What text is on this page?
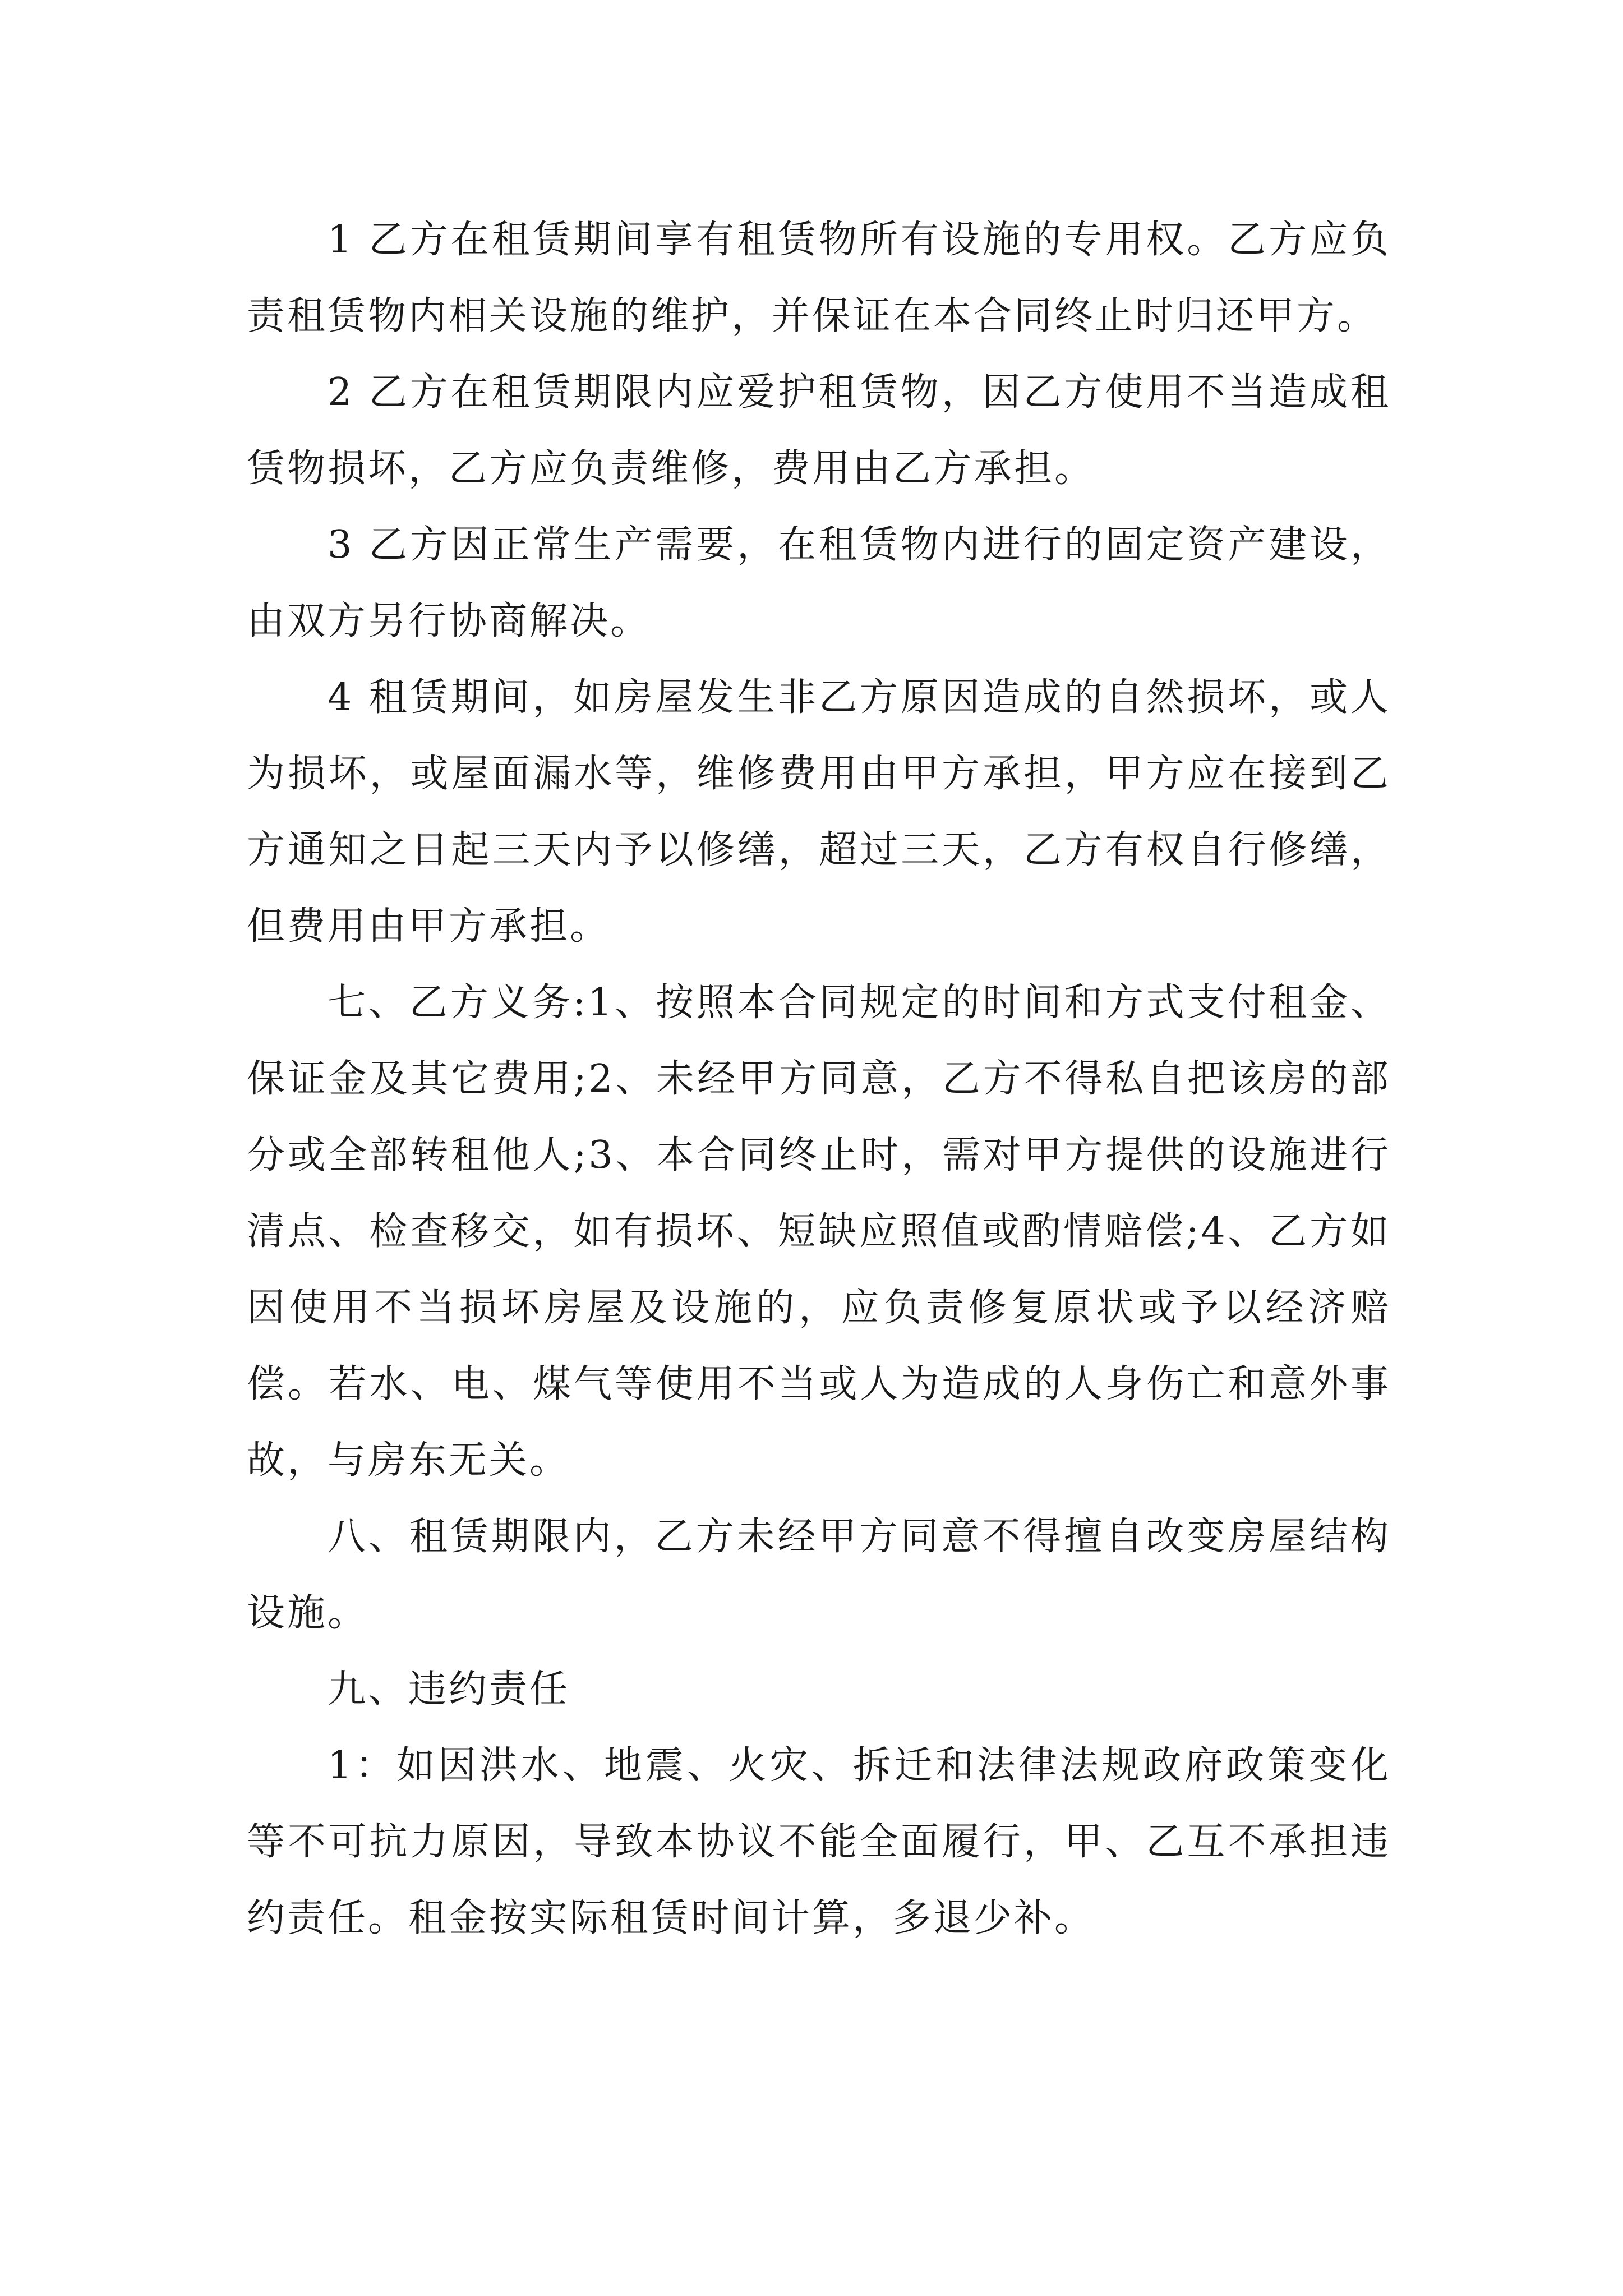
1 乙方在租赁期间享有租赁物所有设施的专用权。乙方应负责租赁物内相关设施的维护，并保证在本合同终止时归还甲方。

2 乙方在租赁期限内应爱护租赁物，因乙方使用不当造成租赁物损坏，乙方应负责维修，费用由乙方承担。

3 乙方因正常生产需要，在租赁物内进行的固定资产建设，由双方另行协商解决。

4 租赁期间，如房屋发生非乙方原因造成的自然损坏，或人为损坏，或屋面漏水等，维修费用由甲方承担，甲方应在接到乙方通知之日起三天内予以修缮，超过三天，乙方有权自行修缮，但费用由甲方承担。

七、乙方义务:1、按照本合同规定的时间和方式支付租金、保证金及其它费用;2、未经甲方同意，乙方不得私自把该房的部分或全部转租他人;3、本合同终止时，需对甲方提供的设施进行清点、检查移交，如有损坏、短缺应照值或酌情赔偿;4、乙方如因使用不当损坏房屋及设施的，应负责修复原状或予以经济赔偿。若水、电、煤气等使用不当或人为造成的人身伤亡和意外事故，与房东无关。

八、租赁期限内，乙方未经甲方同意不得擅自改变房屋结构设施。

九、违约责任

1：如因洪水、地震、火灾、拆迁和法律法规政府政策变化等不可抗力原因，导致本协议不能全面履行，甲、乙互不承担违约责任。租金按实际租赁时间计算，多退少补。
